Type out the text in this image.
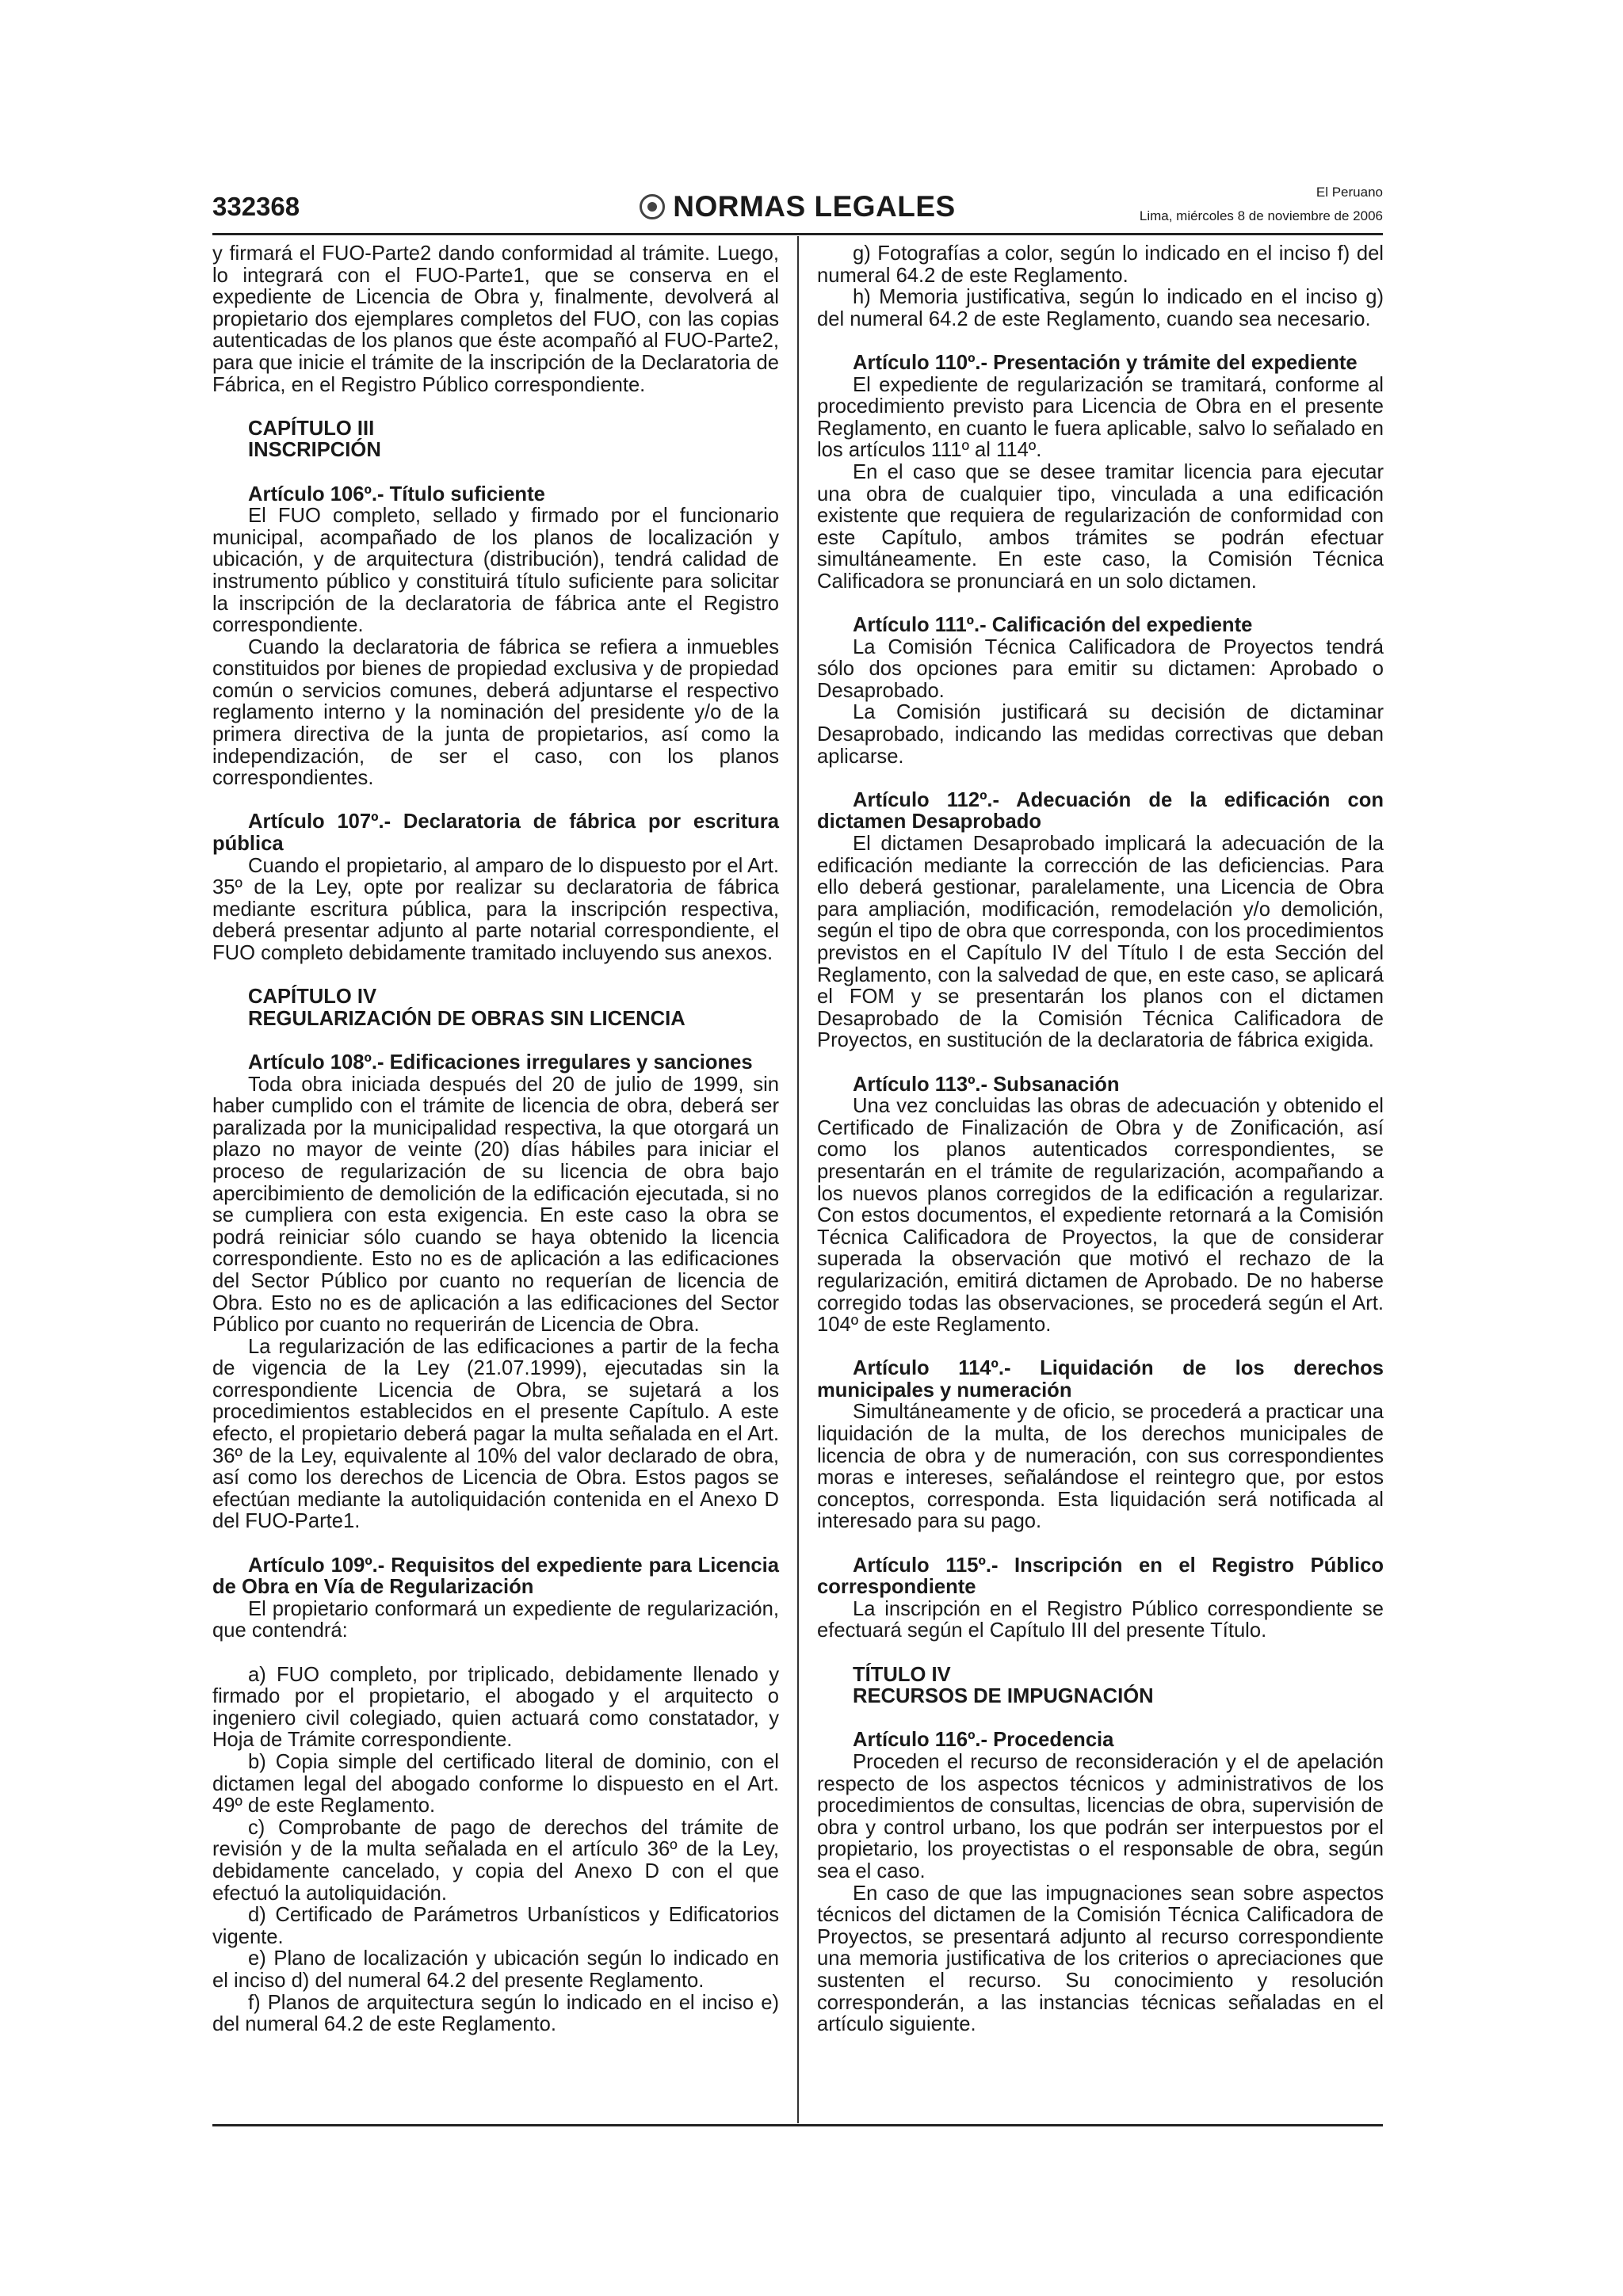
332368	NORMAS LEGALES	El Peruano
Lima, miércoles 8 de noviembre de 2006

y firmará el FUO-Parte2 dando conformidad al trámite. Luego, lo integrará con el FUO-Parte1, que se conserva en el expediente de Licencia de Obra y, finalmente, devolverá al propietario dos ejemplares completos del FUO, con las copias autenticadas de los planos que éste acompañó al FUO-Parte2, para que inicie el trámite de la inscripción de la Declaratoria de Fábrica, en el Registro Público correspondiente.

CAPÍTULO III

INSCRIPCIÓN

Artículo 106º.- Título suficiente

El FUO completo, sellado y firmado por el funcionario municipal, acompañado de los planos de localización y ubicación, y de arquitectura (distribución), tendrá calidad de instrumento público y constituirá título suficiente para solicitar la inscripción de la declaratoria de fábrica ante el Registro correspondiente.

Cuando la declaratoria de fábrica se refiera a inmuebles constituidos por bienes de propiedad exclusiva y de propiedad común o servicios comunes, deberá adjuntarse el respectivo reglamento interno y la nominación del presidente y/o de la primera directiva de la junta de propietarios, así como la independización, de ser el caso, con los planos correspondientes.

Artículo 107º.- Declaratoria de fábrica por escritura pública

Cuando el propietario, al amparo de lo dispuesto por el Art. 35º de la Ley, opte por realizar su declaratoria de fábrica mediante escritura pública, para la inscripción respectiva, deberá presentar adjunto al parte notarial correspondiente, el FUO completo debidamente tramitado incluyendo sus anexos.

CAPÍTULO IV

REGULARIZACIÓN DE OBRAS SIN LICENCIA

Artículo 108º.- Edificaciones irregulares y sanciones

Toda obra iniciada después del 20 de julio de 1999, sin haber cumplido con el trámite de licencia de obra, deberá ser paralizada por la municipalidad respectiva, la que otorgará un plazo no mayor de veinte (20) días hábiles para iniciar el proceso de regularización de su licencia de obra bajo apercibimiento de demolición de la edificación ejecutada, si no se cumpliera con esta exigencia. En este caso la obra se podrá reiniciar sólo cuando se haya obtenido la licencia correspondiente. Esto no es de aplicación a las edificaciones del Sector Público por cuanto no requerían de licencia de Obra. Esto no es de aplicación a las edificaciones del Sector Público por cuanto no requerirán de Licencia de Obra.

La regularización de las edificaciones a partir de la fecha de vigencia de la Ley (21.07.1999), ejecutadas sin la correspondiente Licencia de Obra, se sujetará a los procedimientos establecidos en el presente Capítulo. A este efecto, el propietario deberá pagar la multa señalada en el Art. 36º de la Ley, equivalente al 10% del valor declarado de obra, así como los derechos de Licencia de Obra. Estos pagos se efectúan mediante la autoliquidación contenida en el Anexo D del FUO-Parte1.

Artículo 109º.- Requisitos del expediente para Licencia de Obra en Vía de Regularización

El propietario conformará un expediente de regularización, que contendrá:

a) FUO completo, por triplicado, debidamente llenado y firmado por el propietario, el abogado y el arquitecto o ingeniero civil colegiado, quien actuará como constatador, y Hoja de Trámite correspondiente.

b) Copia simple del certificado literal de dominio, con el dictamen legal del abogado conforme lo dispuesto en el Art. 49º de este Reglamento.

c) Comprobante de pago de derechos del trámite de revisión y de la multa señalada en el artículo 36º de la Ley, debidamente cancelado, y copia del Anexo D con el que efectuó la autoliquidación.

d) Certificado de Parámetros Urbanísticos y Edificatorios vigente.

e) Plano de localización y ubicación según lo indicado en el inciso d) del numeral 64.2 del presente Reglamento.

f) Planos de arquitectura según lo indicado en el inciso e) del numeral 64.2 de este Reglamento.

g) Fotografías a color, según lo indicado en el inciso f) del numeral 64.2 de este Reglamento.

h) Memoria justificativa, según lo indicado en el inciso g) del numeral 64.2 de este Reglamento, cuando sea necesario.

Artículo 110º.- Presentación y trámite del expediente

El expediente de regularización se tramitará, conforme al procedimiento previsto para Licencia de Obra en el presente Reglamento, en cuanto le fuera aplicable, salvo lo señalado en los artículos 111º al 114º.

En el caso que se desee tramitar licencia para ejecutar una obra de cualquier tipo, vinculada a una edificación existente que requiera de regularización de conformidad con este Capítulo, ambos trámites se podrán efectuar simultáneamente. En este caso, la Comisión Técnica Calificadora se pronunciará en un solo dictamen.

Artículo 111º.- Calificación del expediente

La Comisión Técnica Calificadora de Proyectos tendrá sólo dos opciones para emitir su dictamen: Aprobado o Desaprobado.

La Comisión justificará su decisión de dictaminar Desaprobado, indicando las medidas correctivas que deban aplicarse.

Artículo 112º.- Adecuación de la edificación con dictamen Desaprobado

El dictamen Desaprobado implicará la adecuación de la edificación mediante la corrección de las deficiencias. Para ello deberá gestionar, paralelamente, una Licencia de Obra para ampliación, modificación, remodelación y/o demolición, según el tipo de obra que corresponda, con los procedimientos previstos en el Capítulo IV del Título I de esta Sección del Reglamento, con la salvedad de que, en este caso, se aplicará el FOM y se presentarán los planos con el dictamen Desaprobado de la Comisión Técnica Calificadora de Proyectos, en sustitución de la declaratoria de fábrica exigida.

Artículo 113º.- Subsanación

Una vez concluidas las obras de adecuación y obtenido el Certificado de Finalización de Obra y de Zonificación, así como los planos autenticados correspondientes, se presentarán en el trámite de regularización, acompañando a los nuevos planos corregidos de la edificación a regularizar. Con estos documentos, el expediente retornará a la Comisión Técnica Calificadora de Proyectos, la que de considerar superada la observación que motivó el rechazo de la regularización, emitirá dictamen de Aprobado. De no haberse corregido todas las observaciones, se procederá según el Art. 104º de este Reglamento.

Artículo 114º.- Liquidación de los derechos municipales y numeración

Simultáneamente y de oficio, se procederá a practicar una liquidación de la multa, de los derechos municipales de licencia de obra y de numeración, con sus correspondientes moras e intereses, señalándose el reintegro que, por estos conceptos, corresponda. Esta liquidación será notificada al interesado para su pago.

Artículo 115º.- Inscripción en el Registro Público correspondiente

La inscripción en el Registro Público correspondiente se efectuará según el Capítulo III del presente Título.

TÍTULO IV

RECURSOS DE IMPUGNACIÓN

Artículo 116º.- Procedencia

Proceden el recurso de reconsideración y el de apelación respecto de los aspectos técnicos y administrativos de los procedimientos de consultas, licencias de obra, supervisión de obra y control urbano, los que podrán ser interpuestos por el propietario, los proyectistas o el responsable de obra, según sea el caso.

En caso de que las impugnaciones sean sobre aspectos técnicos del dictamen de la Comisión Técnica Calificadora de Proyectos, se presentará adjunto al recurso correspondiente una memoria justificativa de los criterios o apreciaciones que sustenten el recurso. Su conocimiento y resolución corresponderán, a las instancias técnicas señaladas en el artículo siguiente.
